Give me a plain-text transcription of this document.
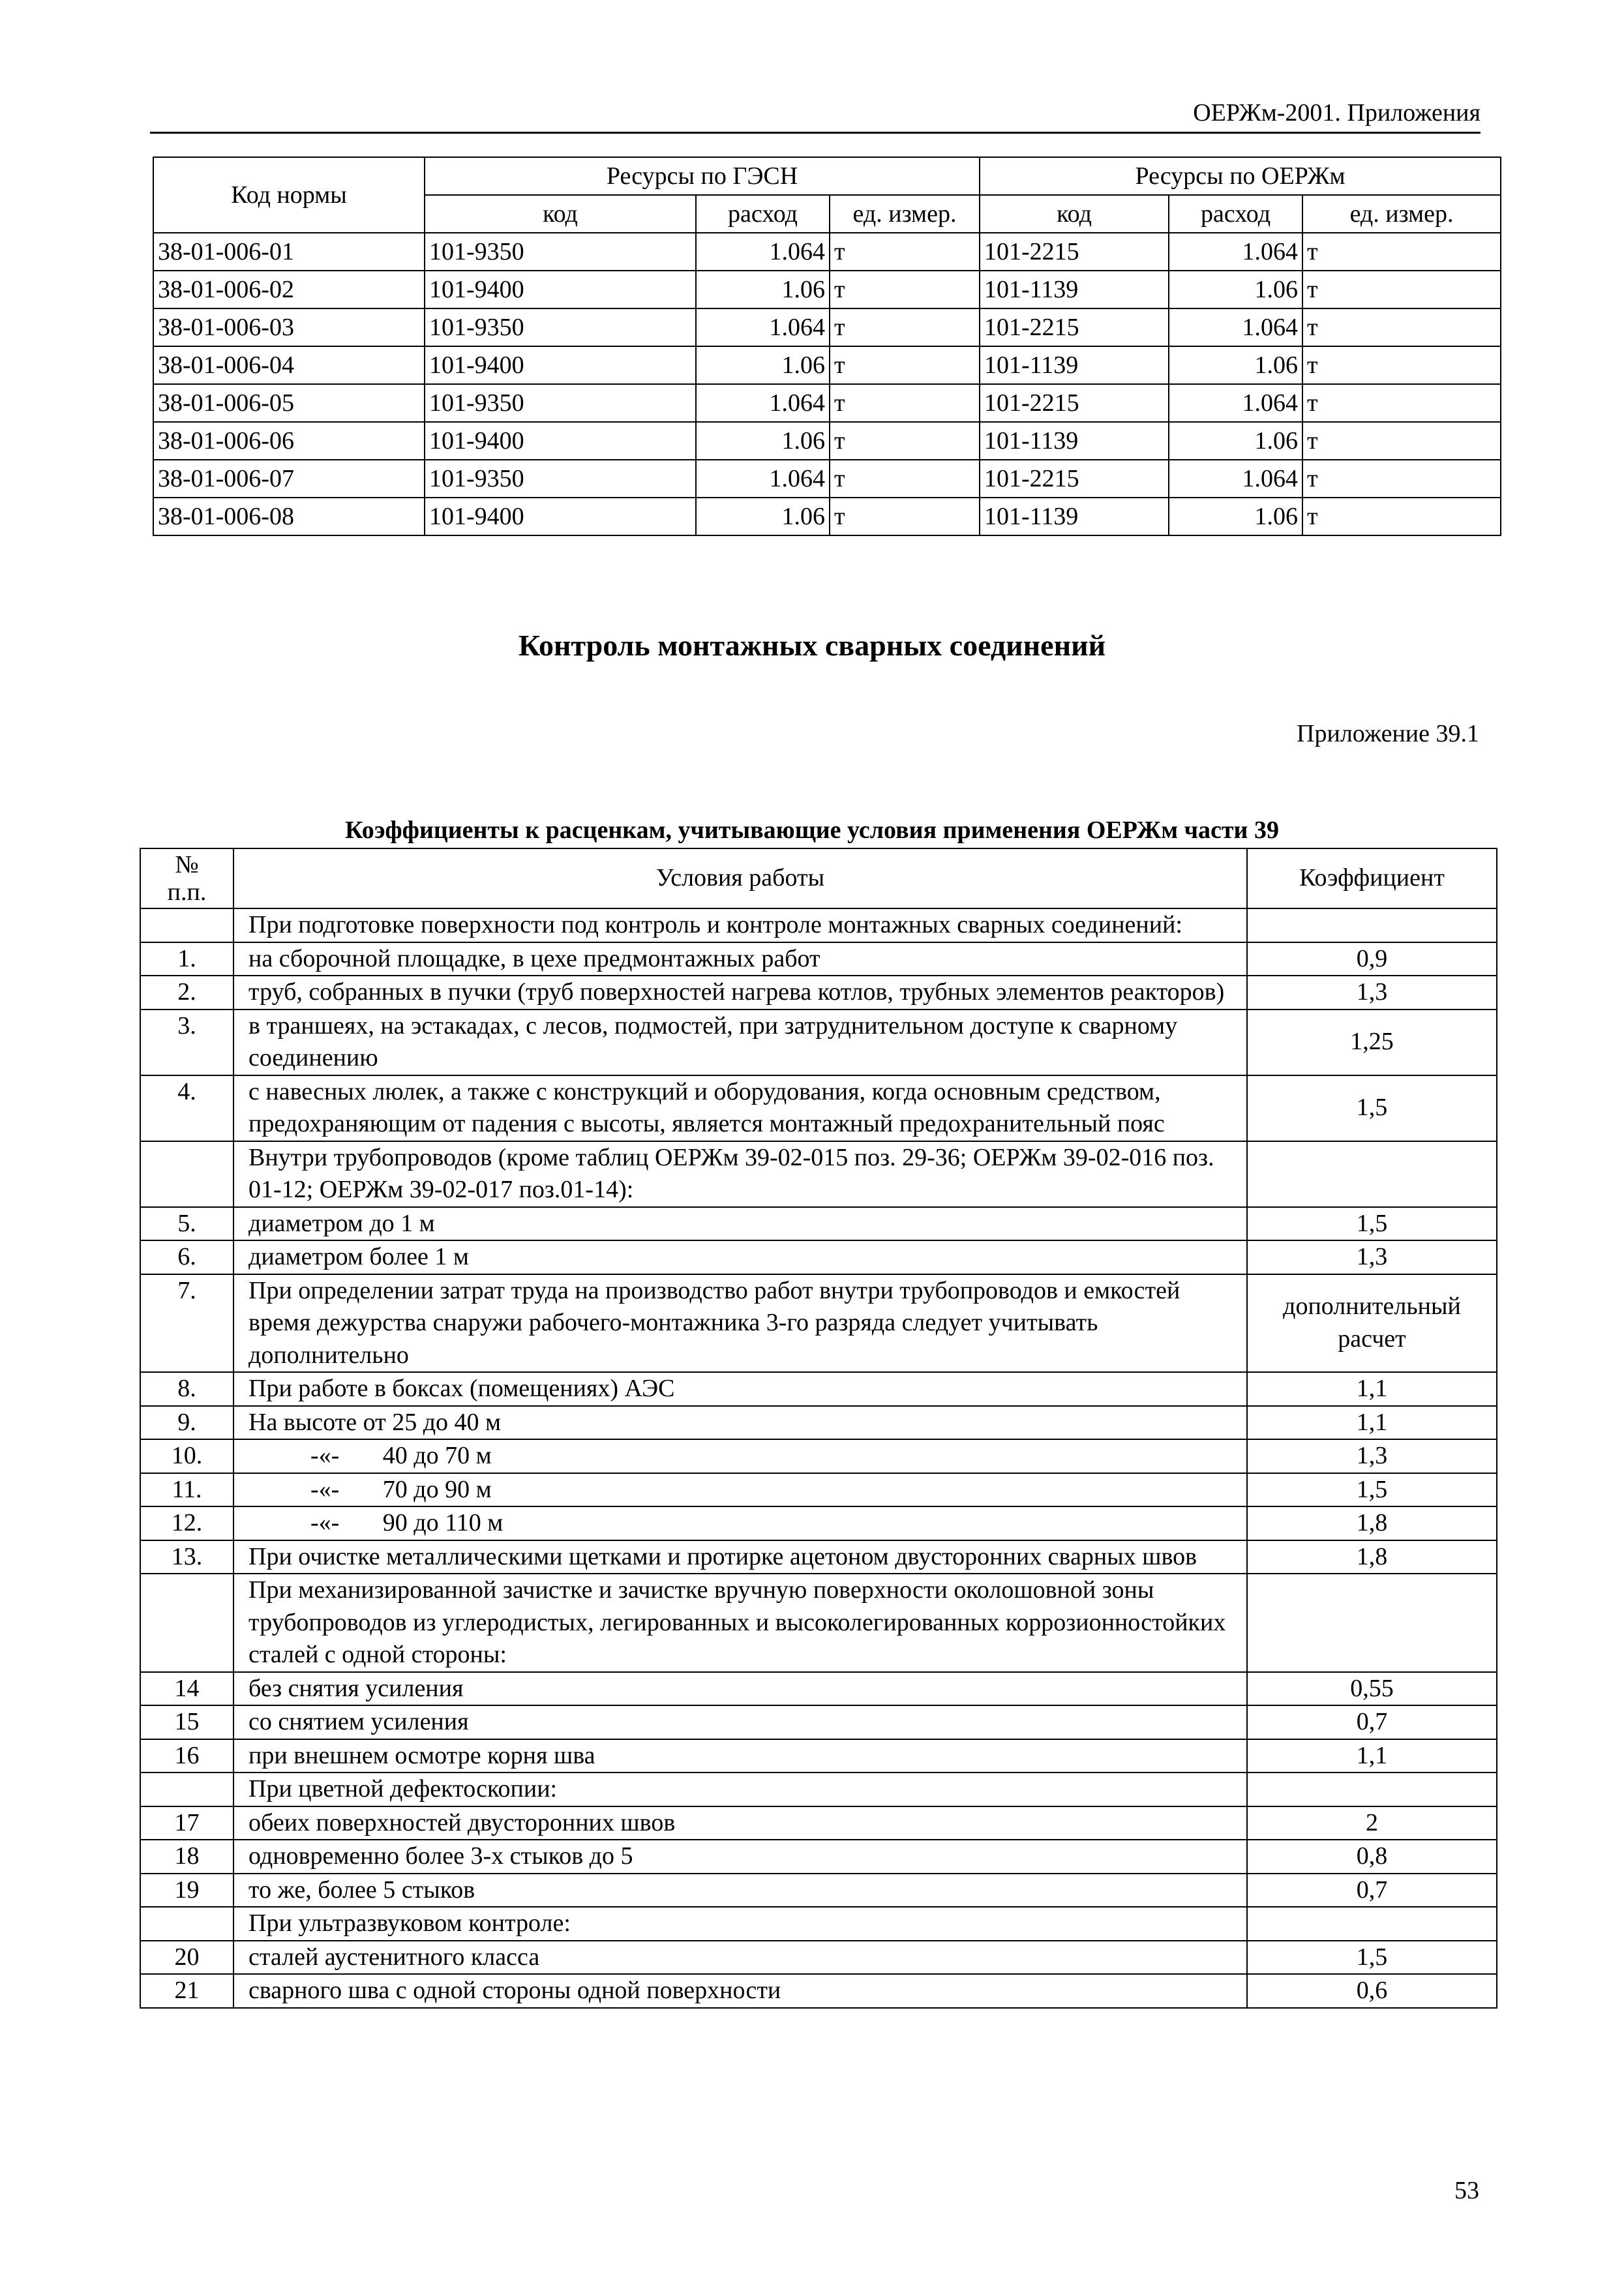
ОЕРЖм-2001. Приложения
Код нормы	Ресурсы по ГЭСН			Ресурсы по ОЕРЖм		
	код	расход	ед. измер.	код	расход	ед. измер.
38-01-006-01	101-9350	1.064	т	101-2215	1.064	т
38-01-006-02	101-9400	1.06	т	101-1139	1.06	т
38-01-006-03	101-9350	1.064	т	101-2215	1.064	т
38-01-006-04	101-9400	1.06	т	101-1139	1.06	т
38-01-006-05	101-9350	1.064	т	101-2215	1.064	т
38-01-006-06	101-9400	1.06	т	101-1139	1.06	т
38-01-006-07	101-9350	1.064	т	101-2215	1.064	т
38-01-006-08	101-9400	1.06	т	101-1139	1.06	т
Контроль монтажных сварных соединений
Приложение 39.1
Коэффициенты к расценкам, учитывающие условия применения ОЕРЖм части 39
№
п.п.	Условия работы	Коэффициент
	При подготовке поверхности под контроль и контроле монтажных сварных соединений:	
1.	на сборочной площадке, в цехе предмонтажных работ	0,9
2.	труб, собранных в пучки (труб поверхностей нагрева котлов, трубных элементов реакторов)	1,3
3.	в траншеях, на эстакадах, с лесов, подмостей, при затруднительном доступе к сварному соединению	1,25
4.	с навесных люлек, а также с конструкций и оборудования, когда основным средством, предохраняющим от падения с высоты, является монтажный предохранительный пояс	1,5
	Внутри трубопроводов (кроме таблиц ОЕРЖм 39-02-015 поз. 29-36; ОЕРЖм 39-02-016 поз. 01-12; ОЕРЖм 39-02-017 поз.01-14):	
5.	диаметром до 1 м	1,5
6.	диаметром более 1 м	1,3
7.	При определении затрат труда на производство работ внутри трубопроводов и емкостей время дежурства снаружи рабочего-монтажника 3-го разряда следует учитывать дополнительно	дополнительный расчет
8.	При работе в боксах (помещениях) АЭС	1,1
9.	На высоте от 25 до 40 м	1,1
10.	-«-       40 до 70 м	1,3
11.	-«-       70 до 90 м	1,5
12.	-«-       90 до 110 м	1,8
13.	При очистке металлическими щетками и протирке ацетоном двусторонних сварных швов	1,8
	При механизированной зачистке и зачистке вручную поверхности околошовной зоны трубопроводов из углеродистых, легированных и высоколегированных коррозионностойких сталей с одной стороны:	
14	без снятия усиления	0,55
15	со снятием усиления	0,7
16	при внешнем осмотре корня шва	1,1
	При цветной дефектоскопии:	
17	обеих поверхностей двусторонних швов	2
18	одновременно более 3-х стыков до 5	0,8
19	то же, более 5 стыков	0,7
	При ультразвуковом контроле:	
20	сталей аустенитного класса	1,5
21	сварного шва с одной стороны одной поверхности	0,6
53
